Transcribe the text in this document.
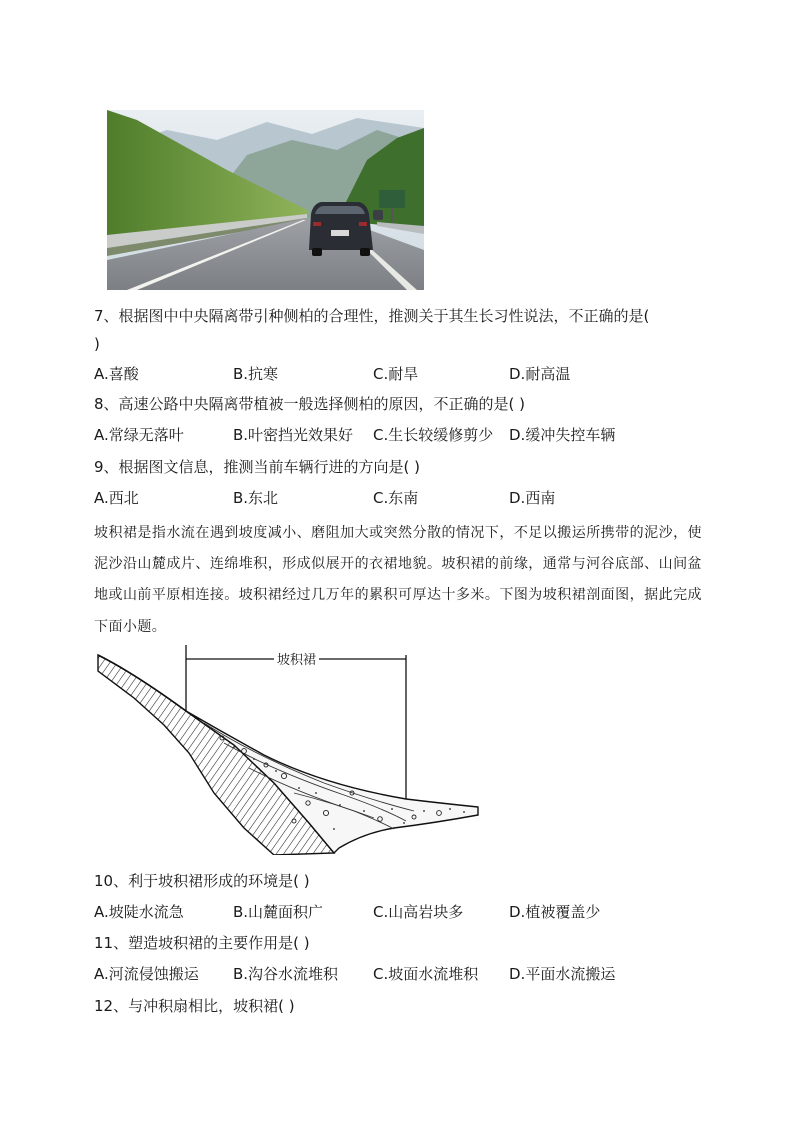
7、根据图中中央隔离带引种侧柏的合理性，推测关于其生长习性说法，不正确的是(
)
A.喜酸	B.抗寒	C.耐旱	D.耐高温
8、高速公路中央隔离带植被一般选择侧柏的原因，不正确的是( )
A.常绿无落叶	B.叶密挡光效果好 C.生长较缓修剪少 D.缓冲失控车辆
9、根据图文信息，推测当前车辆行进的方向是( )
A.西北	B.东北	C.东南	D.西南
坡积裙是指水流在遇到坡度减小、磨阻加大或突然分散的情况下，不足以搬运所携带的泥沙，使泥沙沿山麓成片、连绵堆积，形成似展开的衣裙地貌。坡积裙的前缘，通常与河谷底部、山间盆地或山前平原相连接。坡积裙经过几万年的累积可厚达十多米。下图为坡积裙剖面图，据此完成下面小题。
坡积裙
10、利于坡积裙形成的环境是( )
A.坡陡水流急	B.山麓面积广	C.山高岩块多	D.植被覆盖少
11、塑造坡积裙的主要作用是( )
A.河流侵蚀搬运 B.沟谷水流堆积 C.坡面水流堆积 D.平面水流搬运
12、与冲积扇相比，坡积裙( )
